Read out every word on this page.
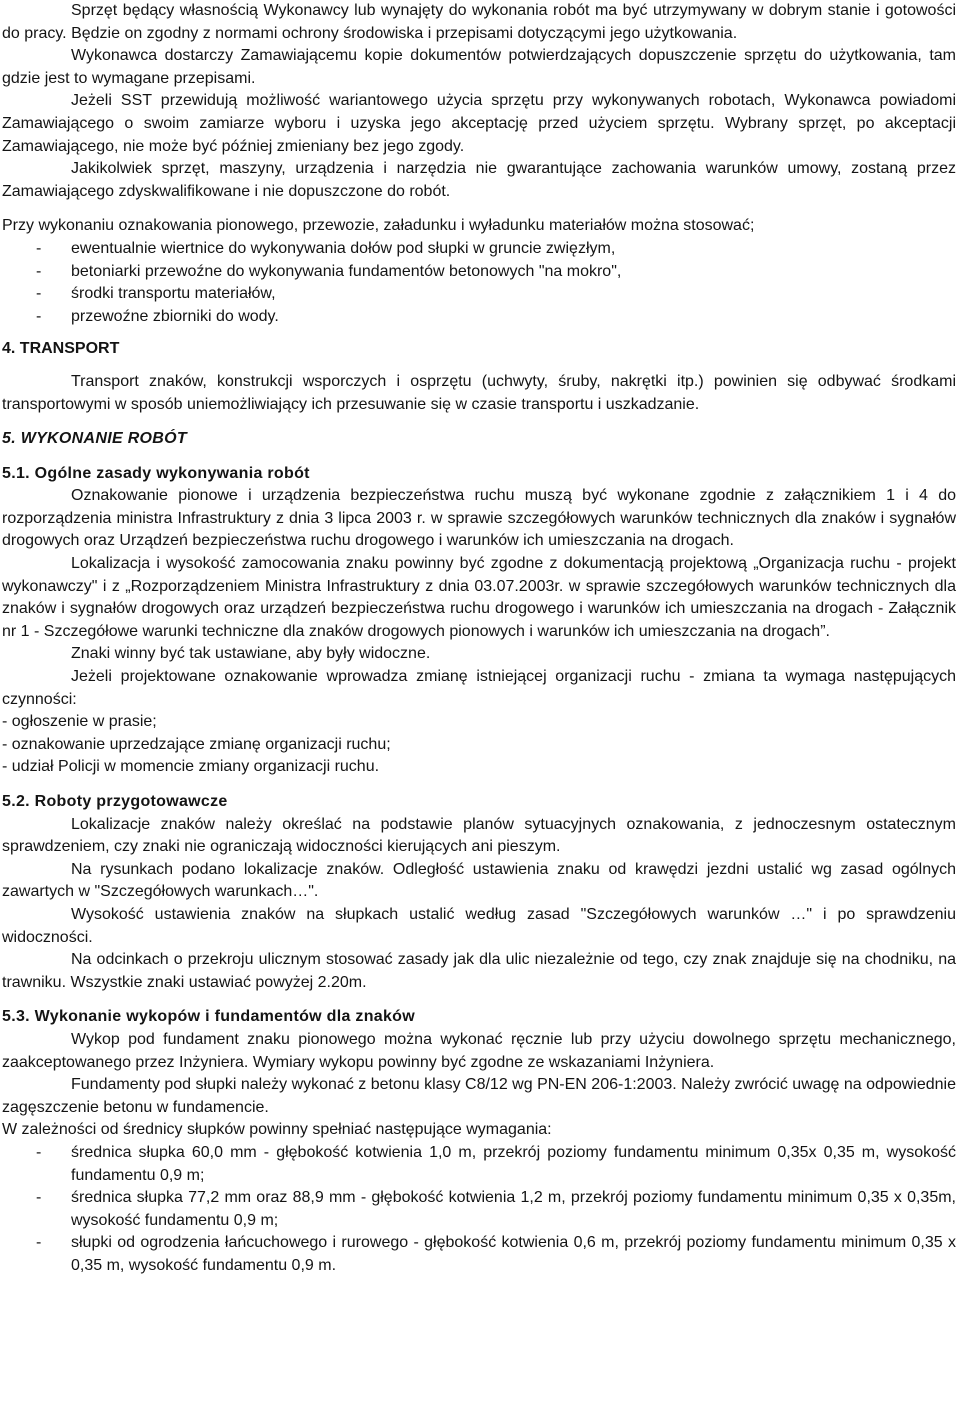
Sprzęt będący własnością Wykonawcy lub wynajęty do wykonania robót ma być utrzymywany w dobrym stanie i gotowości do pracy. Będzie on zgodny z normami ochrony środowiska i przepisami dotyczącymi jego użytkowania.

Wykonawca dostarczy Zamawiającemu kopie dokumentów potwierdzających dopuszczenie sprzętu do użytkowania, tam gdzie jest to wymagane przepisami.

Jeżeli SST przewidują możliwość wariantowego użycia sprzętu przy wykonywanych robotach, Wykonawca powiadomi Zamawiającego o swoim zamiarze wyboru i uzyska jego akceptację przed użyciem sprzętu. Wybrany sprzęt, po akceptacji Zamawiającego, nie może być później zmieniany bez jego zgody.

Jakikolwiek sprzęt, maszyny, urządzenia i narzędzia nie gwarantujące zachowania warunków umowy, zostaną przez Zamawiającego zdyskwalifikowane i nie dopuszczone do robót.

Przy wykonaniu oznakowania pionowego, przewozie, załadunku i wyładunku materiałów można stosować;

- ewentualnie wiertnice do wykonywania dołów pod słupki w gruncie zwięzłym,
- betoniarki przewoźne do wykonywania fundamentów betonowych "na mokro",
- środki transportu materiałów,
- przewoźne zbiorniki do wody.
4. TRANSPORT

Transport znaków, konstrukcji wsporczych i osprzętu (uchwyty, śruby, nakrętki itp.) powinien się odbywać środkami transportowymi w sposób uniemożliwiający ich przesuwanie się w czasie transportu i uszkadzanie.

5. WYKONANIE ROBÓT
5.1. Ogólne zasady wykonywania robót

Oznakowanie pionowe i urządzenia bezpieczeństwa ruchu muszą być wykonane zgodnie z załącznikiem 1 i 4 do rozporządzenia ministra Infrastruktury z dnia 3 lipca 2003 r. w sprawie szczegółowych warunków technicznych dla znaków i sygnałów drogowych oraz Urządzeń bezpieczeństwa ruchu drogowego i warunków ich umieszczania na drogach.

Lokalizacja i wysokość zamocowania znaku powinny być zgodne z dokumentacją projektową „Organizacja ruchu - projekt wykonawczy" i z „Rozporządzeniem Ministra Infrastruktury z dnia 03.07.2003r. w sprawie szczegółowych warunków technicznych dla znaków i sygnałów drogowych oraz urządzeń bezpieczeństwa ruchu drogowego i warunków ich umieszczania na drogach - Załącznik nr 1 - Szczegółowe warunki techniczne dla znaków drogowych pionowych i warunków ich umieszczania na drogach”.

Znaki winny być tak ustawiane, aby były widoczne.

Jeżeli projektowane oznakowanie wprowadza zmianę istniejącej organizacji ruchu - zmiana ta wymaga następujących czynności:

- ogłoszenie w prasie;

- oznakowanie uprzedzające zmianę organizacji ruchu;

- udział Policji w momencie zmiany organizacji ruchu.

5.2. Roboty przygotowawcze

Lokalizacje znaków należy określać na podstawie planów sytuacyjnych oznakowania, z jednoczesnym ostatecznym sprawdzeniem, czy znaki nie ograniczają widoczności kierujących ani pieszym.

Na rysunkach podano lokalizacje znaków. Odległość ustawienia znaku od krawędzi jezdni ustalić wg zasad ogólnych zawartych w "Szczegółowych warunkach…".

Wysokość ustawienia znaków na słupkach ustalić według zasad "Szczegółowych warunków …" i po sprawdzeniu widoczności.

Na odcinkach o przekroju ulicznym stosować zasady jak dla ulic niezależnie od tego, czy znak znajduje się na chodniku, na trawniku. Wszystkie znaki ustawiać powyżej 2.20m.

5.3. Wykonanie wykopów i fundamentów dla znaków

Wykop pod fundament znaku pionowego można wykonać ręcznie lub przy użyciu dowolnego sprzętu mechanicznego, zaakceptowanego przez Inżyniera. Wymiary wykopu powinny być zgodne ze wskazaniami Inżyniera.

Fundamenty pod słupki należy wykonać z betonu klasy C8/12 wg PN-EN 206-1:2003. Należy zwrócić uwagę na odpowiednie zagęszczenie betonu w fundamencie.

W zależności od średnicy słupków powinny spełniać następujące wymagania:

- średnica słupka 60,0 mm - głębokość kotwienia 1,0 m, przekrój poziomy fundamentu minimum 0,35x 0,35 m, wysokość fundamentu 0,9 m;
- średnica słupka 77,2 mm oraz 88,9 mm - głębokość kotwienia 1,2 m, przekrój poziomy fundamentu minimum 0,35 x 0,35m, wysokość fundamentu 0,9 m;
- słupki od ogrodzenia łańcuchowego i rurowego - głębokość kotwienia 0,6 m, przekrój poziomy fundamentu minimum 0,35 x 0,35 m, wysokość fundamentu 0,9 m.
